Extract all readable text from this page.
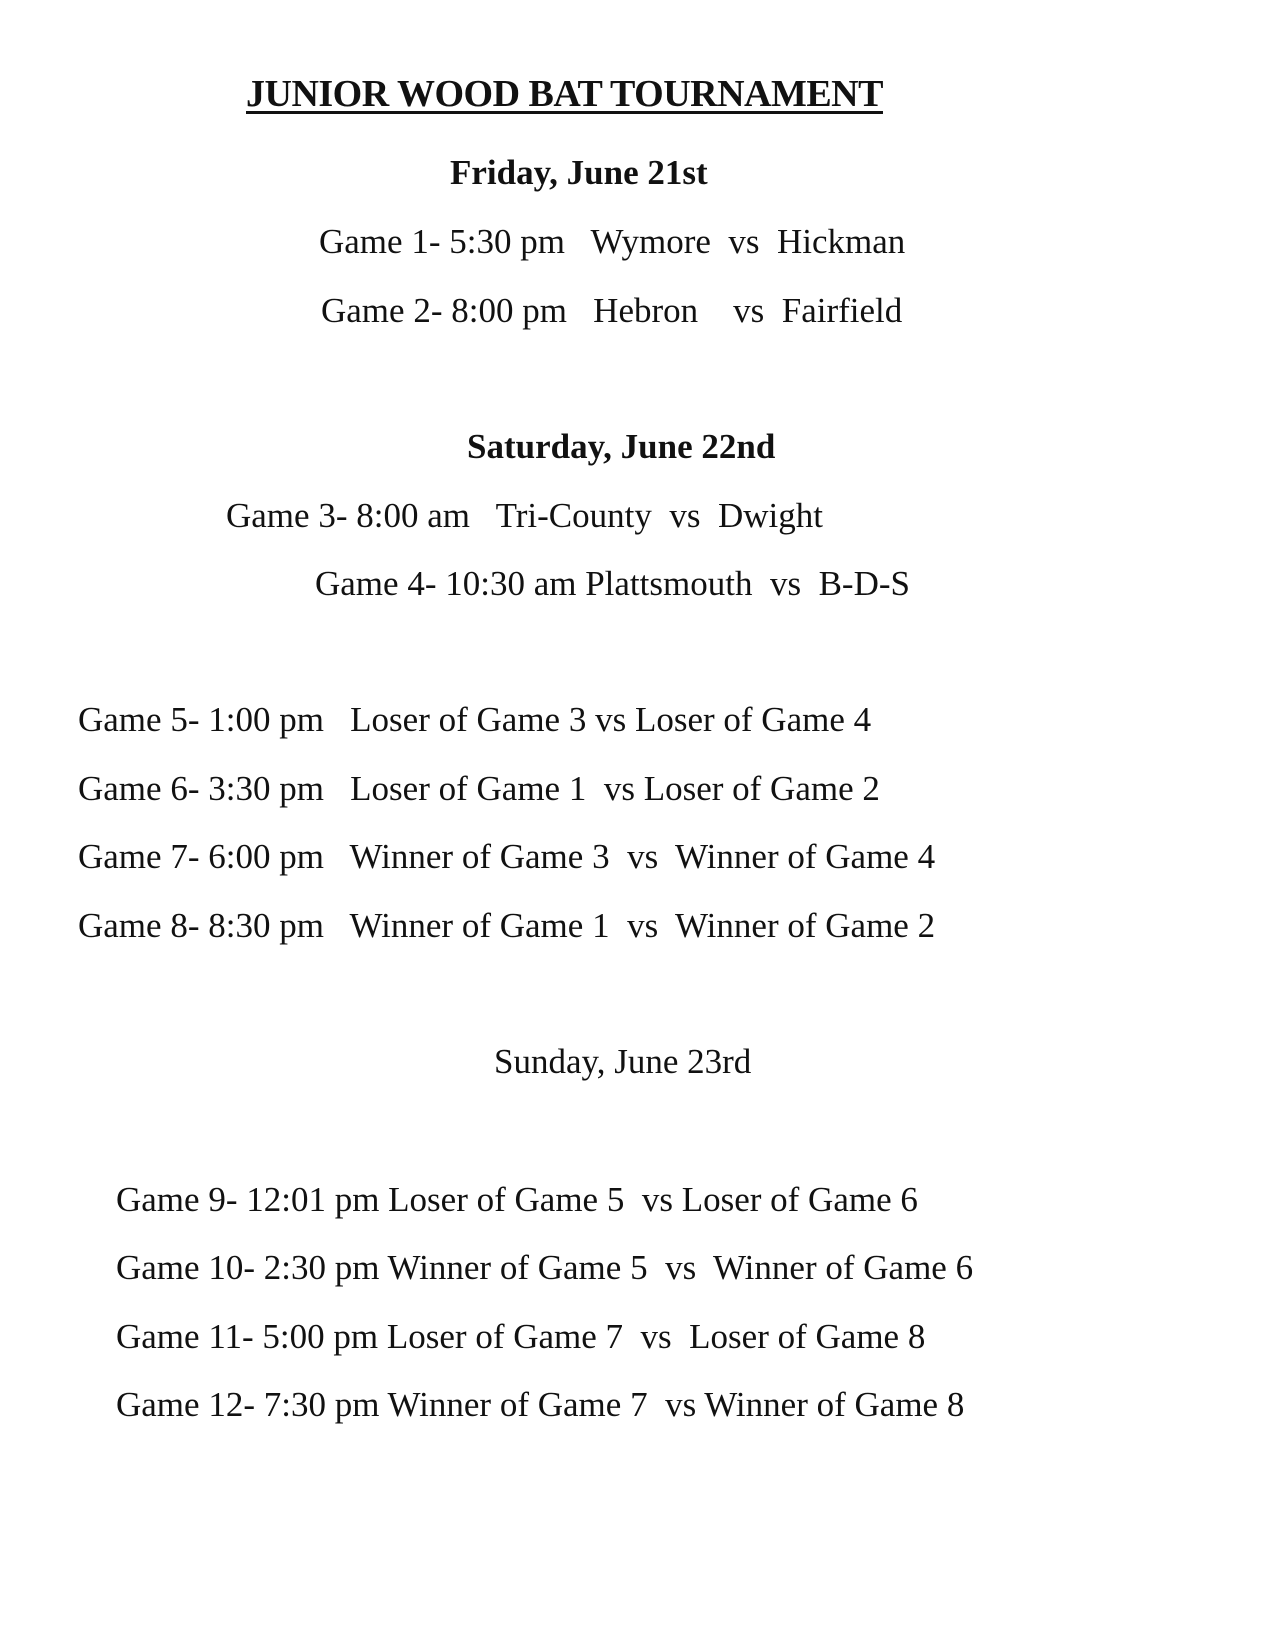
JUNIOR WOOD BAT TOURNAMENT
Friday, June 21st
Game 1- 5:30 pm   Wymore  vs  Hickman
Game 2- 8:00 pm   Hebron    vs  Fairfield
Saturday, June 22nd
Game 3- 8:00 am   Tri-County  vs  Dwight
Game 4- 10:30 am Plattsmouth  vs  B-D-S
Game 5- 1:00 pm   Loser of Game 3 vs Loser of Game 4
Game 6- 3:30 pm   Loser of Game 1  vs Loser of Game 2
Game 7- 6:00 pm   Winner of Game 3  vs  Winner of Game 4
Game 8- 8:30 pm   Winner of Game 1  vs  Winner of Game 2
Sunday, June 23rd
Game 9- 12:01 pm Loser of Game 5  vs Loser of Game 6
Game 10- 2:30 pm Winner of Game 5  vs  Winner of Game 6
Game 11- 5:00 pm Loser of Game 7  vs  Loser of Game 8
Game 12- 7:30 pm Winner of Game 7  vs Winner of Game 8
